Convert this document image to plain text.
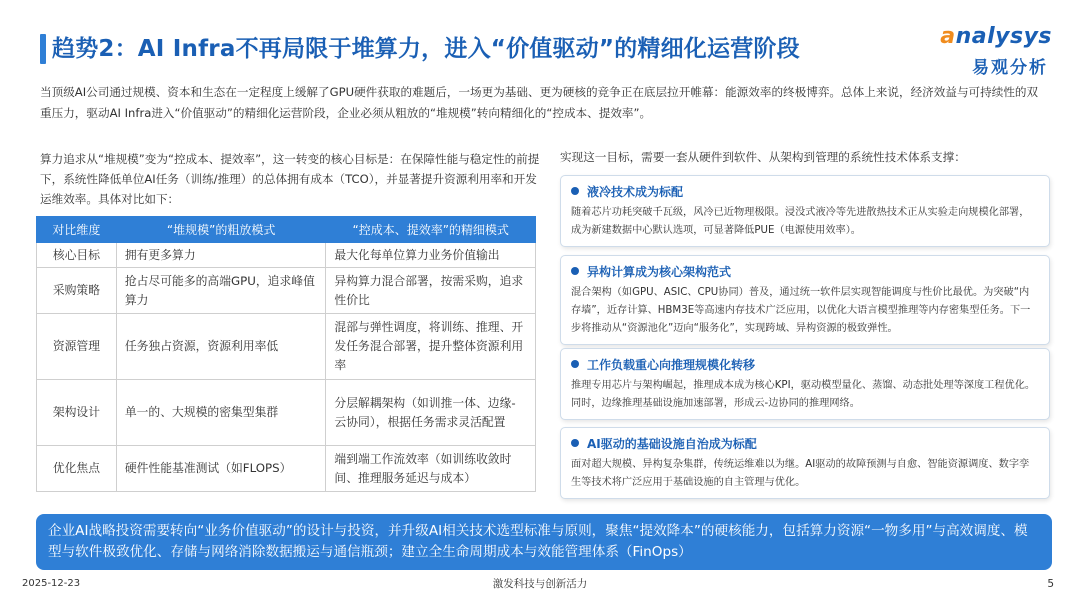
趋势2：AI Infra不再局限于堆算力，进入“价值驱动”的精细化运营阶段	analysys
易观分析
当顶级AI公司通过规模、资本和生态在一定程度上缓解了GPU硬件获取的难题后，一场更为基础、更为硬核的竞争正在底层拉开帷幕：能源效率的终极博弈。总体上来说，经济效益与可持续性的双重压力，驱动AI Infra进入“价值驱动”的精细化运营阶段，企业必须从粗放的“堆规模”转向精细化的“控成本、提效率”。
算力追求从“堆规模”变为“控成本、提效率”，这一转变的核心目标是：在保障性能与稳定性的前提下，系统性降低单位AI任务（训练/推理）的总体拥有成本（TCO），并显著提升资源利用率和开发运维效率。具体对比如下：
对比维度	“堆规模”的粗放模式	“控成本、提效率”的精细模式
核心目标	拥有更多算力	最大化每单位算力业务价值输出
采购策略	抢占尽可能多的高端GPU，追求峰值算力	异构算力混合部署，按需采购，追求性价比
资源管理	任务独占资源，资源利用率低	混部与弹性调度，将训练、推理、开发任务混合部署，提升整体资源利用率
架构设计	单一的、大规模的密集型集群	分层解耦架构（如训推一体、边缘-云协同），根据任务需求灵活配置
优化焦点	硬件性能基准测试（如FLOPS）	端到端工作流效率（如训练收敛时间、推理服务延迟与成本）
实现这一目标，需要一套从硬件到软件、从架构到管理的系统性技术体系支撑：
液冷技术成为标配
随着芯片功耗突破千瓦级，风冷已近物理极限。浸没式液冷等先进散热技术正从实验走向规模化部署，成为新建数据中心默认选项，可显著降低PUE（电源使用效率）。
异构计算成为核心架构范式
混合架构（如GPU、ASIC、CPU协同）普及，通过统一软件层实现智能调度与性价比最优。为突破“内存墙”，近存计算、HBM3E等高速内存技术广泛应用，以优化大语言模型推理等内存密集型任务。下一步将推动从“资源池化”迈向“服务化”，实现跨域、异构资源的极致弹性。
工作负载重心向推理规模化转移
推理专用芯片与架构崛起，推理成本成为核心KPI，驱动模型量化、蒸馏、动态批处理等深度工程优化。同时，边缘推理基础设施加速部署，形成云-边协同的推理网络。
AI驱动的基础设施自治成为标配
面对超大规模、异构复杂集群，传统运维难以为继。AI驱动的故障预测与自愈、智能资源调度、数字孪生等技术将广泛应用于基础设施的自主管理与优化。
企业AI战略投资需要转向“业务价值驱动”的设计与投资，并升级AI相关技术选型标准与原则，聚焦“提效降本”的硬核能力，包括算力资源“一物多用”与高效调度、模型与软件极致优化、存储与网络消除数据搬运与通信瓶颈；建立全生命周期成本与效能管理体系（FinOps）
2025-12-23	激发科技与创新活力	5
